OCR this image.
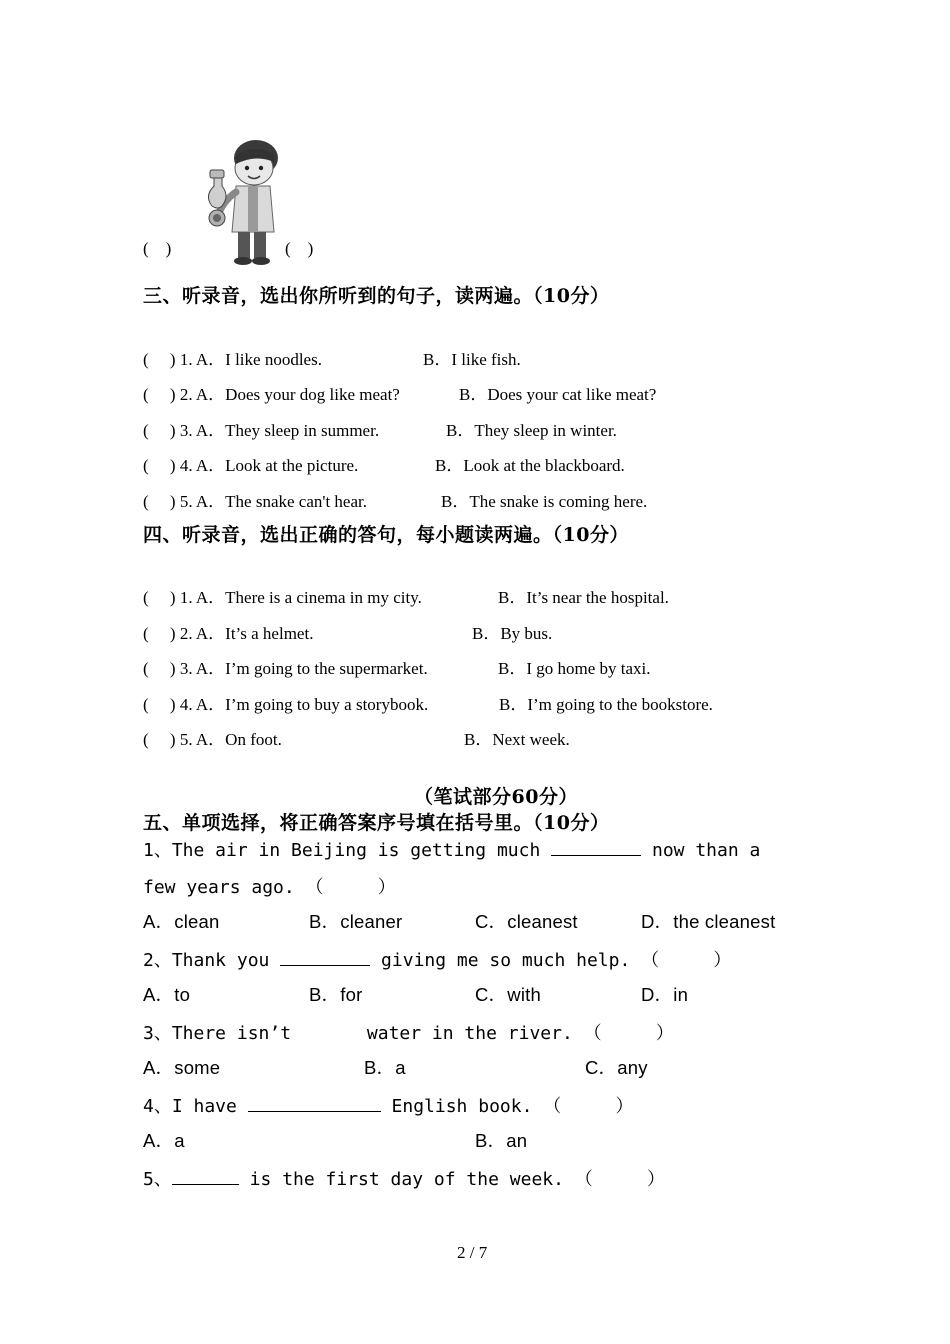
(    )	(    )
三、听录音，选出你所听到的句子，读两遍。（10分）
(     ) 1. A．I like noodles.	B．I like fish.
(     ) 2. A．Does your dog like meat?	B．Does your cat like meat?
(     ) 3. A．They sleep in summer.	B．They sleep in winter.
(     ) 4. A．Look at the picture.	B．Look at the blackboard.
(     ) 5. A．The snake can't hear.	B．The snake is coming here.
四、听录音，选出正确的答句，每小题读两遍。（10分）
(     ) 1. A．There is a cinema in my city.	B．It’s near the hospital.
(     ) 2. A．It’s a helmet.	B．By bus.
(     ) 3. A．I’m going to the supermarket.	B．I go home by taxi.
(     ) 4. A．I’m going to buy a storybook.	B．I’m going to the bookstore.
(     ) 5. A．On foot.	B．Next week.
（笔试部分60分）
五、单项选择，将正确答案序号填在括号里。（10分）
1、The air in Beijing is getting much	now than a
few years ago. （     ）
A．clean	B．cleaner	C．cleanest	D．the cleanest
2、Thank you	giving me so much help. （     ）
A．to	B．for	C．with	D．in
3、There isn’t       water in the river. （     ）
A．some	B．a	C．any
4、I have	English book. （     ）
A．a	B．an
5、	is the first day of the week. （     ）
2 / 7
